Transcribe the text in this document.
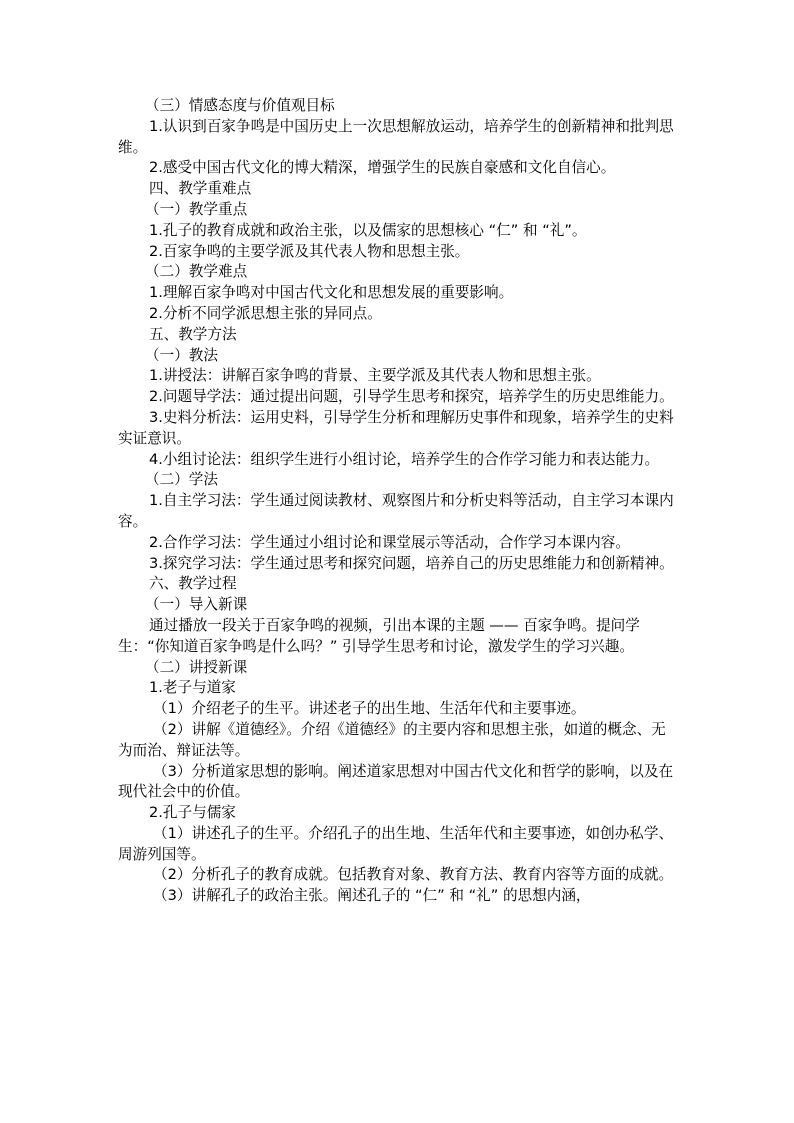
（三）情感态度与价值观目标

1.认识到百家争鸣是中国历史上一次思想解放运动，培养学生的创新精神和批判思维。

2.感受中国古代文化的博大精深，增强学生的民族自豪感和文化自信心。

四、教学重难点

（一）教学重点

1.孔子的教育成就和政治主张，以及儒家的思想核心 “仁” 和 “礼”。

2.百家争鸣的主要学派及其代表人物和思想主张。

（二）教学难点

1.理解百家争鸣对中国古代文化和思想发展的重要影响。

2.分析不同学派思想主张的异同点。

五、教学方法

（一）教法

1.讲授法：讲解百家争鸣的背景、主要学派及其代表人物和思想主张。

2.问题导学法：通过提出问题，引导学生思考和探究，培养学生的历史思维能力。

3.史料分析法：运用史料，引导学生分析和理解历史事件和现象，培养学生的史料实证意识。

4.小组讨论法：组织学生进行小组讨论，培养学生的合作学习能力和表达能力。

（二）学法

1.自主学习法：学生通过阅读教材、观察图片和分析史料等活动，自主学习本课内容。

2.合作学习法：学生通过小组讨论和课堂展示等活动，合作学习本课内容。

3.探究学习法：学生通过思考和探究问题，培养自己的历史思维能力和创新精神。

六、教学过程

（一）导入新课

通过播放一段关于百家争鸣的视频，引出本课的主题 —— 百家争鸣。提问学生：“你知道百家争鸣是什么吗？” 引导学生思考和讨论，激发学生的学习兴趣。

（二）讲授新课

1.老子与道家

（1）介绍老子的生平。讲述老子的出生地、生活年代和主要事迹。

（2）讲解《道德经》。介绍《道德经》的主要内容和思想主张，如道的概念、无为而治、辩证法等。

（3）分析道家思想的影响。阐述道家思想对中国古代文化和哲学的影响，以及在现代社会中的价值。

2.孔子与儒家

（1）讲述孔子的生平。介绍孔子的出生地、生活年代和主要事迹，如创办私学、周游列国等。

（2）分析孔子的教育成就。包括教育对象、教育方法、教育内容等方面的成就。

（3）讲解孔子的政治主张。阐述孔子的 “仁” 和 “礼” 的思想内涵，
